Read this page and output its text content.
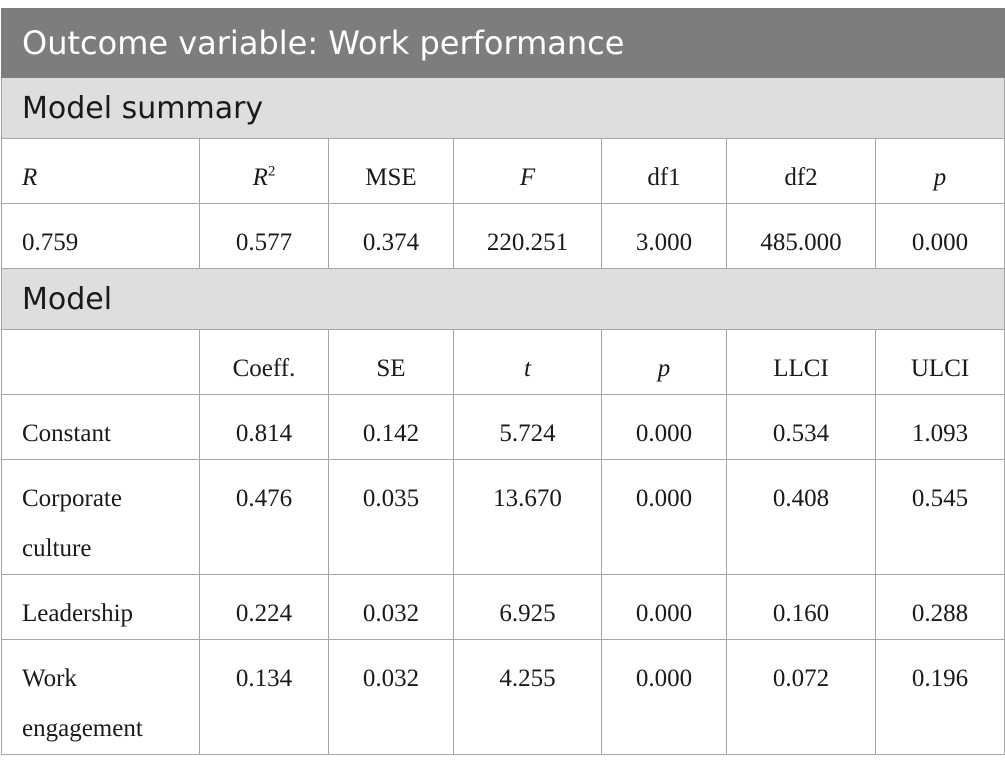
Outcome variable: Work performance						
Model summary						
R	$R^2$	MSE	F	df1	df2	p
0.759	0.577	0.374	220.251	3.000	485.000	0.000
Model						
	Coeff.	SE	t	p	LLCI	ULCI
Constant	0.814	0.142	5.724	0.000	0.534	1.093
Corporate culture	0.476	0.035	13.670	0.000	0.408	0.545
Leadership	0.224	0.032	6.925	0.000	0.160	0.288
Work engagement	0.134	0.032	4.255	0.000	0.072	0.196
